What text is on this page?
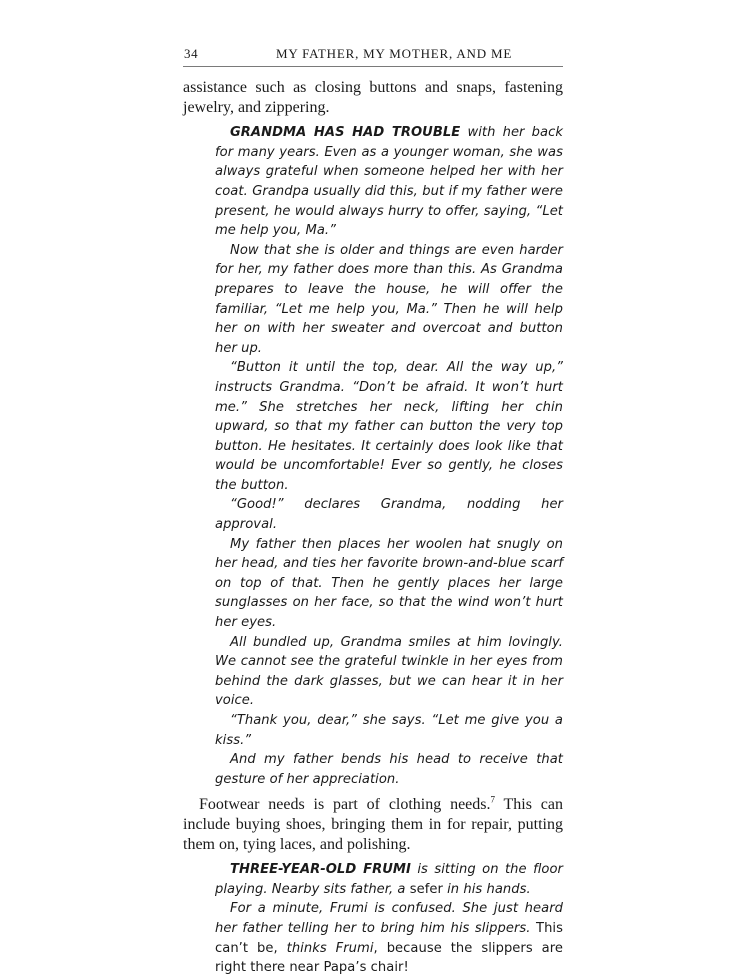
34	MY FATHER, MY MOTHER, AND ME

assistance such as closing buttons and snaps, fastening jewelry, and zippering.

GRANDMA HAS HAD TROUBLE with her back for many years. Even as a younger woman, she was always grateful when someone helped her with her coat. Grandpa usually did this, but if my father were present, he would always hurry to offer, saying, “Let me help you, Ma.”

Now that she is older and things are even harder for her, my father does more than this. As Grandma prepares to leave the house, he will offer the familiar, “Let me help you, Ma.” Then he will help her on with her sweater and overcoat and button her up.

“Button it until the top, dear. All the way up,” instructs Grandma. “Don’t be afraid. It won’t hurt me.” She stretches her neck, lifting her chin upward, so that my father can button the very top button. He hesitates. It certainly does look like that would be uncomfortable! Ever so gently, he closes the button.

“Good!” declares Grandma, nodding her approval.

My father then places her woolen hat snugly on her head, and ties her favorite brown-and-blue scarf on top of that. Then he gently places her large sunglasses on her face, so that the wind won’t hurt her eyes.

All bundled up, Grandma smiles at him lovingly. We cannot see the grateful twinkle in her eyes from behind the dark glasses, but we can hear it in her voice.

“Thank you, dear,” she says. “Let me give you a kiss.”

And my father bends his head to receive that gesture of her appreciation.

Footwear needs is part of clothing needs.$^7$ This can include buying shoes, bringing them in for repair, putting them on, tying laces, and polishing.

THREE-YEAR-OLD FRUMI is sitting on the floor playing. Nearby sits father, a sefer in his hands.

For a minute, Frumi is confused. She just heard her father telling her to bring him his slippers. This can’t be, thinks Frumi, because the slippers are right there near Papa’s chair!
